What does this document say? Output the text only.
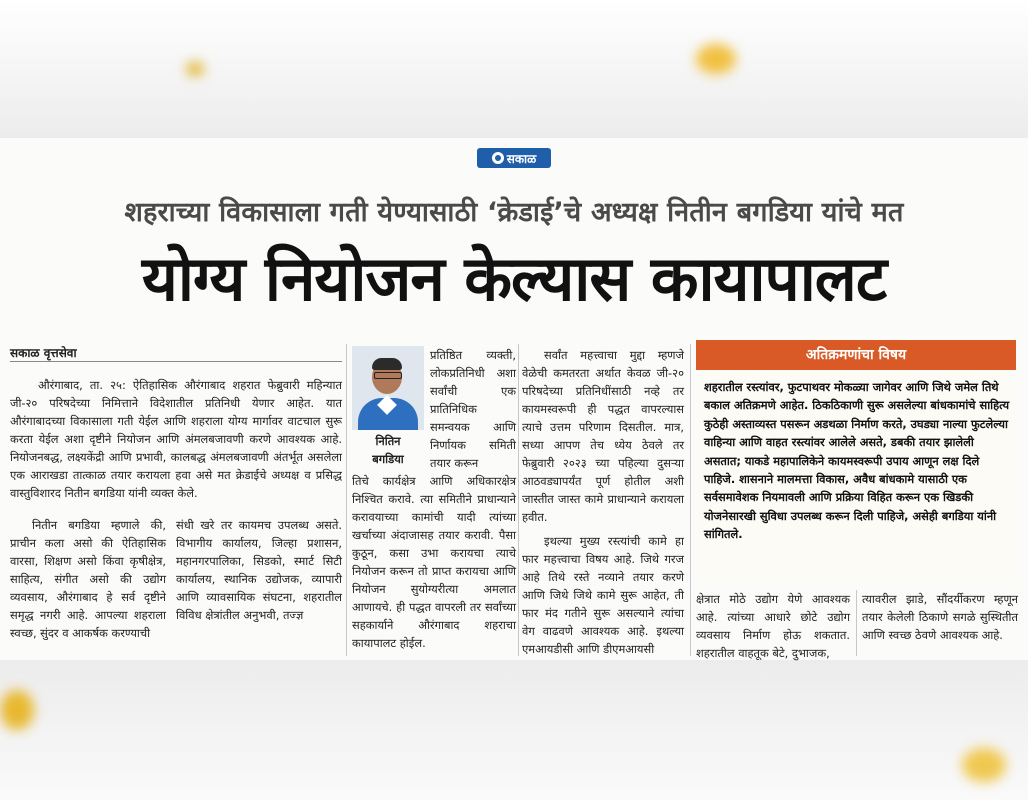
सकाळ
शहराच्या विकासाला गती येण्यासाठी ‘क्रेडाई’चे अध्यक्ष नितीन बगडिया यांचे मत
योग्य नियोजन केल्यास कायापालट
सकाळ वृत्तसेवा

औरंगाबाद, ता. २५: ऐतिहासिक औरंगाबाद शहरात फेब्रुवारी महिन्यात जी-२० परिषदेच्या निमित्ताने विदेशातील प्रतिनिधी येणार आहेत. यात औरंगाबादच्या विकासाला गती येईल आणि शहराला योग्य मार्गावर वाटचाल सुरू करता येईल अशा दृष्टीने नियोजन आणि अंमलबजावणी करणे आवश्यक आहे. नियोजनबद्ध, लक्ष्यकेंद्री आणि प्रभावी, कालबद्ध अंमलबजावणी अंतर्भूत असलेला एक आराखडा तात्काळ तयार करायला हवा असे मत क्रेडाईचे अध्यक्ष व प्रसिद्ध वास्तुविशारद नितीन बगडिया यांनी व्यक्त केले.

नितीन बगडिया म्हणाले की, प्राचीन कला असो की ऐतिहासिक वारसा, शिक्षण असो किंवा कृषीक्षेत्र, साहित्य, संगीत असो की उद्योग व्यवसाय, औरंगाबाद हे सर्व दृष्टीने समृद्ध नगरी आहे. आपल्या शहराला स्वच्छ, सुंदर व आकर्षक करण्याची

संधी खरे तर कायमच उपलब्ध असते. विभागीय कार्यालय, जिल्हा प्रशासन, महानगरपालिका, सिडको, स्मार्ट सिटी कार्यालय, स्थानिक उद्योजक, व्यापारी आणि व्यावसायिक संघटना, शहरातील विविध क्षेत्रांतील अनुभवी, तज्ज्ञ

नितिन
बगडिया

प्रतिष्ठित व्यक्ती, लोकप्रतिनिधी अशा सर्वांची एक प्रातिनिधिक समन्वयक आणि निर्णायक समिती तयार करून

तिचे कार्यक्षेत्र आणि अधिकारक्षेत्र निश्चित करावे. त्या समितीने प्राधान्याने करावयाच्या कामांची यादी त्यांच्या खर्चाच्या अंदाजासह तयार करावी. पैसा कुठून, कसा उभा करायचा त्याचे नियोजन करून तो प्राप्त करायचा आणि नियोजन सुयोग्यरीत्या अमलात आणायचे. ही पद्धत वापरली तर सर्वांच्या सहकार्याने औरंगाबाद शहराचा कायापालट होईल.

सर्वांत महत्त्वाचा मुद्दा म्हणजे वेळेची कमतरता अर्थात केवळ जी-२० परिषदेच्या प्रतिनिधींसाठी नव्हे तर कायमस्वरूपी ही पद्धत वापरल्यास त्याचे उत्तम परिणाम दिसतील. मात्र, सध्या आपण तेच ध्येय ठेवले तर फेब्रुवारी २०२३ च्या पहिल्या दुसऱ्या आठवड्यापर्यंत पूर्ण होतील अशी जास्तीत जास्त कामे प्राधान्याने करायला हवीत.

इथल्या मुख्य रस्त्यांची कामे हा फार महत्त्वाचा विषय आहे. जिथे गरज आहे तिथे रस्ते नव्याने तयार करणे आणि जिथे जिथे कामे सुरू आहेत, ती फार मंद गतीने सुरू असल्याने त्यांचा वेग वाढवणे आवश्यक आहे. इथल्या एमआयडीसी आणि डीएमआयसी

अतिक्रमणांचा विषय

शहरातील रस्त्यांवर, फुटपाथवर मोकळ्या जागेवर आणि जिथे जमेल तिथे बकाल अतिक्रमणे आहेत. ठिकठिकाणी सुरू असलेल्या बांधकामांचे साहित्य कुठेही अस्ताव्यस्त पसरून अडथळा निर्माण करते, उघड्या नाल्या फुटलेल्या वाहिन्या आणि वाहत रस्त्यांवर आलेले असते, डबकी तयार झालेली असतात; याकडे महापालिकेने कायमस्वरूपी उपाय आणून लक्ष दिले पाहिजे. शासनाने मालमत्ता विकास, अवैध बांधकामे यासाठी एक सर्वसमावेशक नियमावली आणि प्रक्रिया विहित करून एक खिडकी योजनेसारखी सुविधा उपलब्ध करून दिली पाहिजे, असेही बगडिया यांनी सांगितले.

क्षेत्रात मोठे उद्योग येणे आवश्यक आहे. त्यांच्या आधारे छोटे उद्योग व्यवसाय निर्माण होऊ शकतात. शहरातील वाहतूक बेटे, दुभाजक,

त्यावरील झाडे, सौंदर्यीकरण म्हणून तयार केलेली ठिकाणे सगळे सुस्थितीत आणि स्वच्छ ठेवणे आवश्यक आहे.
